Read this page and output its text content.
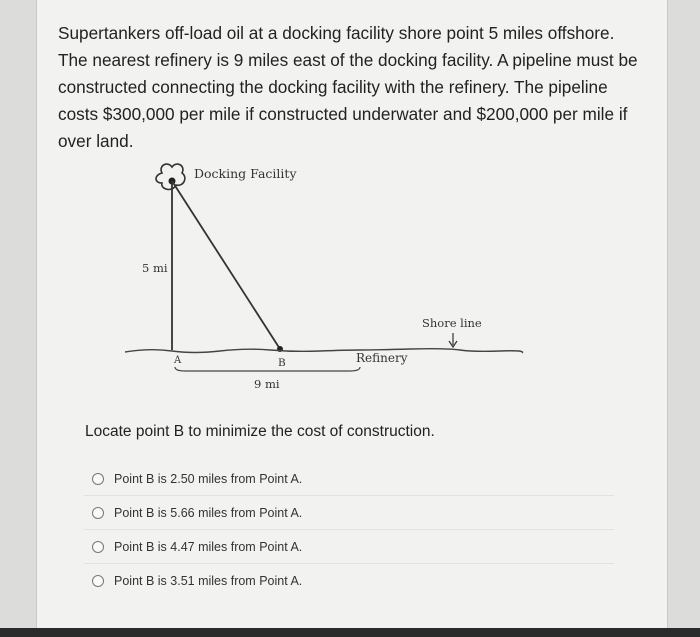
Supertankers off-load oil at a docking facility shore point 5 miles offshore. The nearest refinery is 9 miles east of the docking facility. A pipeline must be constructed connecting the docking facility with the refinery. The pipeline costs $300,000 per mile if constructed underwater and $200,000 per mile if over land.
Docking Facility
5 mi
Shore line
A	B	Refinery
9 mi
Locate point B to minimize the cost of construction.
Point B is 2.50 miles from Point A.
Point B is 5.66 miles from Point A.
Point B is 4.47 miles from Point A.
Point B is 3.51 miles from Point A.
